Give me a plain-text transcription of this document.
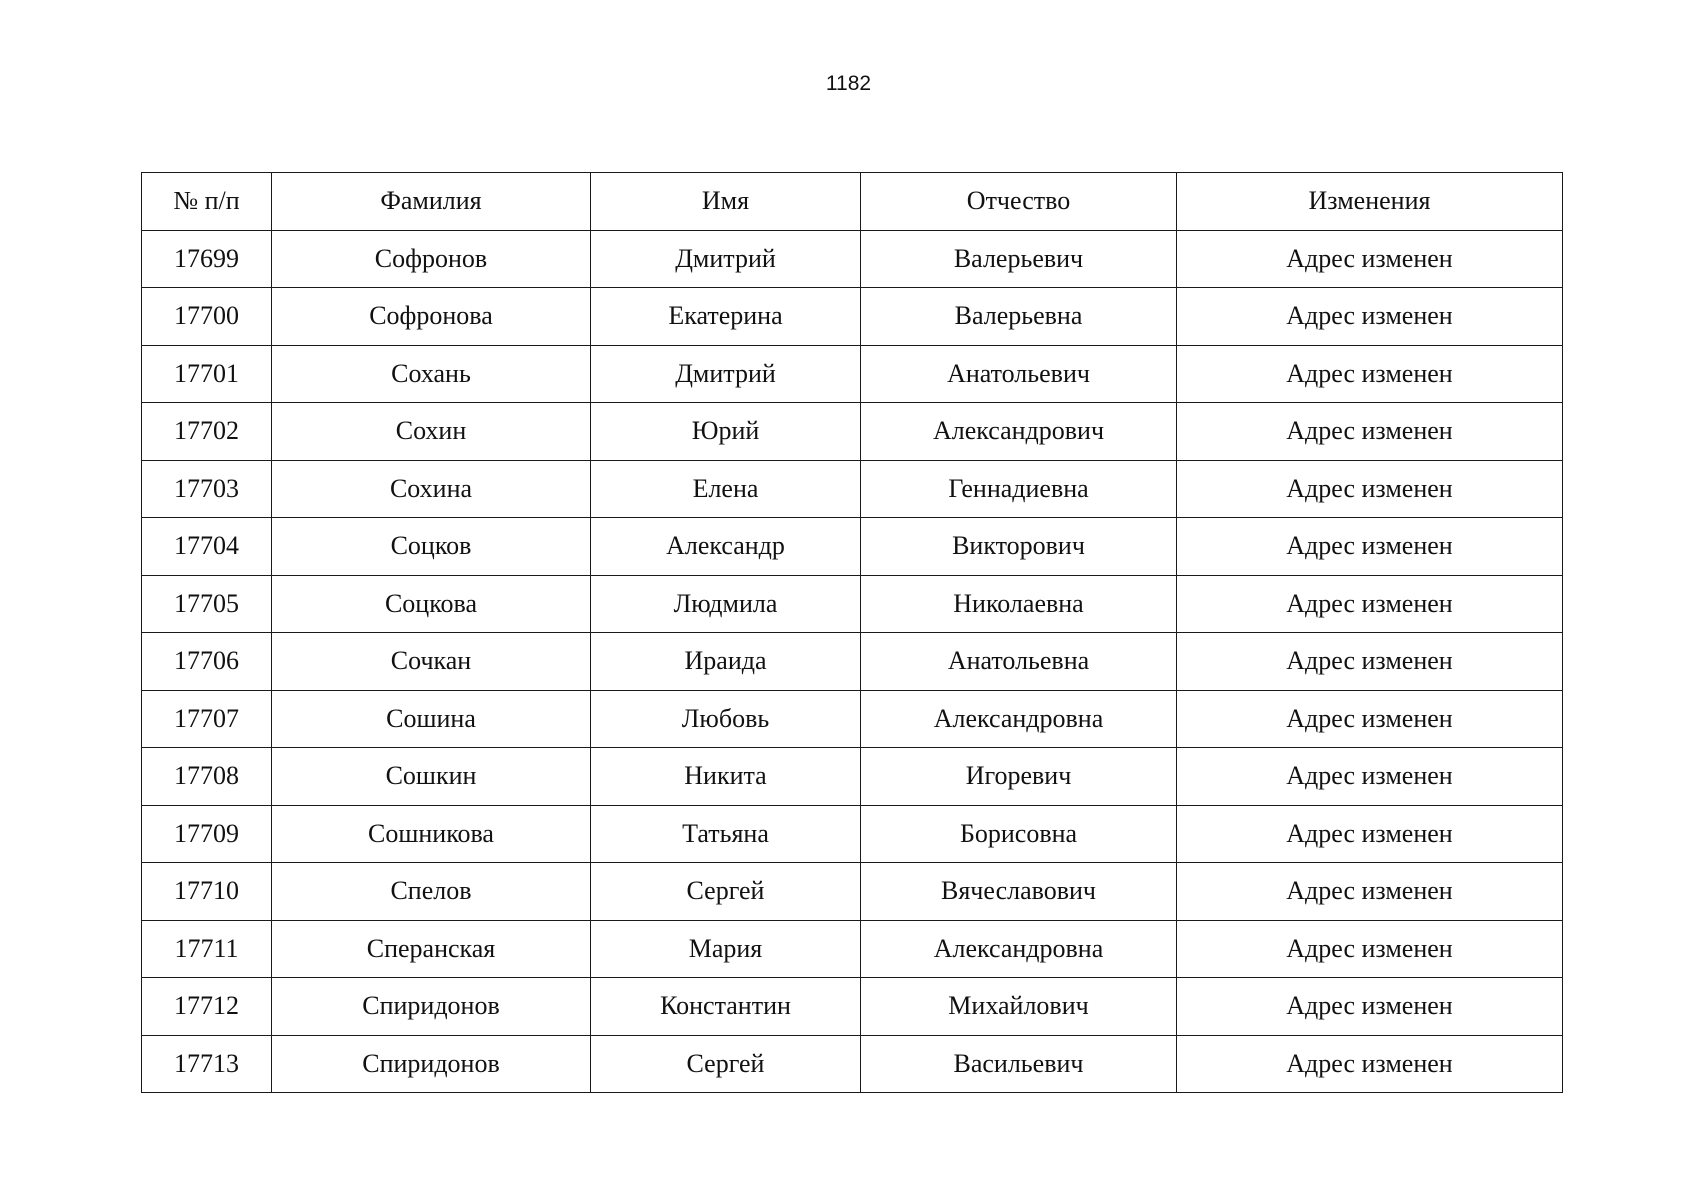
1182
№ п/п	Фамилия	Имя	Отчество	Изменения
17699	Софронов	Дмитрий	Валерьевич	Адрес изменен
17700	Софронова	Екатерина	Валерьевна	Адрес изменен
17701	Сохань	Дмитрий	Анатольевич	Адрес изменен
17702	Сохин	Юрий	Александрович	Адрес изменен
17703	Сохина	Елена	Геннадиевна	Адрес изменен
17704	Соцков	Александр	Викторович	Адрес изменен
17705	Соцкова	Людмила	Николаевна	Адрес изменен
17706	Сочкан	Ираида	Анатольевна	Адрес изменен
17707	Сошина	Любовь	Александровна	Адрес изменен
17708	Сошкин	Никита	Игоревич	Адрес изменен
17709	Сошникова	Татьяна	Борисовна	Адрес изменен
17710	Спелов	Сергей	Вячеславович	Адрес изменен
17711	Сперанская	Мария	Александровна	Адрес изменен
17712	Спиридонов	Константин	Михайлович	Адрес изменен
17713	Спиридонов	Сергей	Васильевич	Адрес изменен
